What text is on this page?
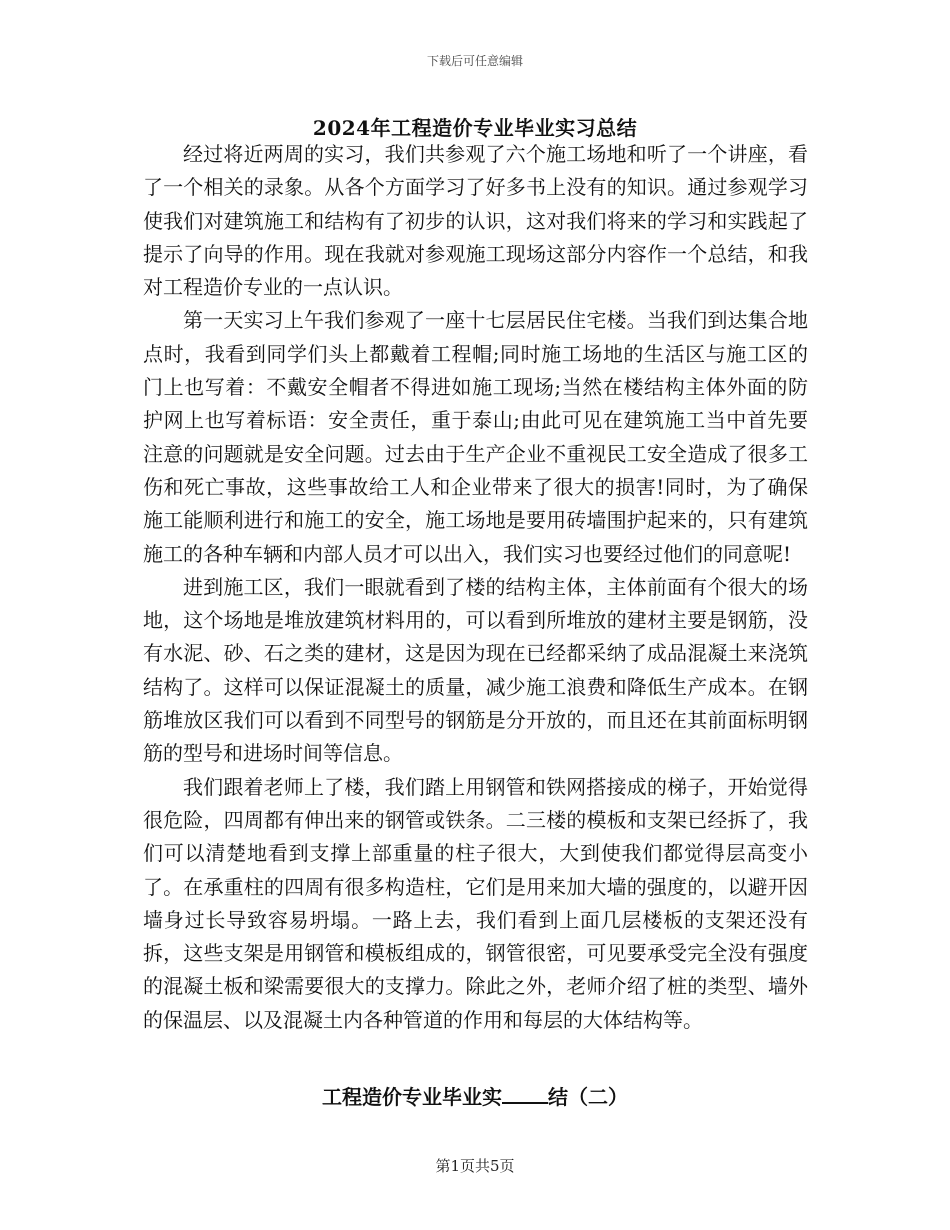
下载后可任意编辑
2024年工程造价专业毕业实习总结

经过将近两周的实习，我们共参观了六个施工场地和听了一个讲座，看了一个相关的录象。从各个方面学习了好多书上没有的知识。通过参观学习使我们对建筑施工和结构有了初步的认识，这对我们将来的学习和实践起了提示了向导的作用。现在我就对参观施工现场这部分内容作一个总结，和我对工程造价专业的一点认识。

第一天实习上午我们参观了一座十七层居民住宅楼。当我们到达集合地点时，我看到同学们头上都戴着工程帽;同时施工场地的生活区与施工区的门上也写着：不戴安全帽者不得进如施工现场;当然在楼结构主体外面的防护网上也写着标语：安全责任，重于泰山;由此可见在建筑施工当中首先要注意的问题就是安全问题。过去由于生产企业不重视民工安全造成了很多工伤和死亡事故，这些事故给工人和企业带来了很大的损害!同时，为了确保施工能顺利进行和施工的安全，施工场地是要用砖墙围护起来的，只有建筑施工的各种车辆和内部人员才可以出入，我们实习也要经过他们的同意呢!

进到施工区，我们一眼就看到了楼的结构主体，主体前面有个很大的场地，这个场地是堆放建筑材料用的，可以看到所堆放的建材主要是钢筋，没有水泥、砂、石之类的建材，这是因为现在已经都采纳了成品混凝土来浇筑结构了。这样可以保证混凝土的质量，减少施工浪费和降低生产成本。在钢筋堆放区我们可以看到不同型号的钢筋是分开放的，而且还在其前面标明钢筋的型号和进场时间等信息。

我们跟着老师上了楼，我们踏上用钢管和铁网搭接成的梯子，开始觉得很危险，四周都有伸出来的钢管或铁条。二三楼的模板和支架已经拆了，我们可以清楚地看到支撑上部重量的柱子很大，大到使我们都觉得层高变小了。在承重柱的四周有很多构造柱，它们是用来加大墙的强度的，以避开因墙身过长导致容易坍塌。一路上去，我们看到上面几层楼板的支架还没有拆，这些支架是用钢管和模板组成的，钢管很密，可见要承受完全没有强度的混凝土板和梁需要很大的支撑力。除此之外，老师介绍了桩的类型、墙外的保温层、以及混凝土内各种管道的作用和每层的大体结构等。

工程造价专业毕业实 结（二）
第1页共5页
